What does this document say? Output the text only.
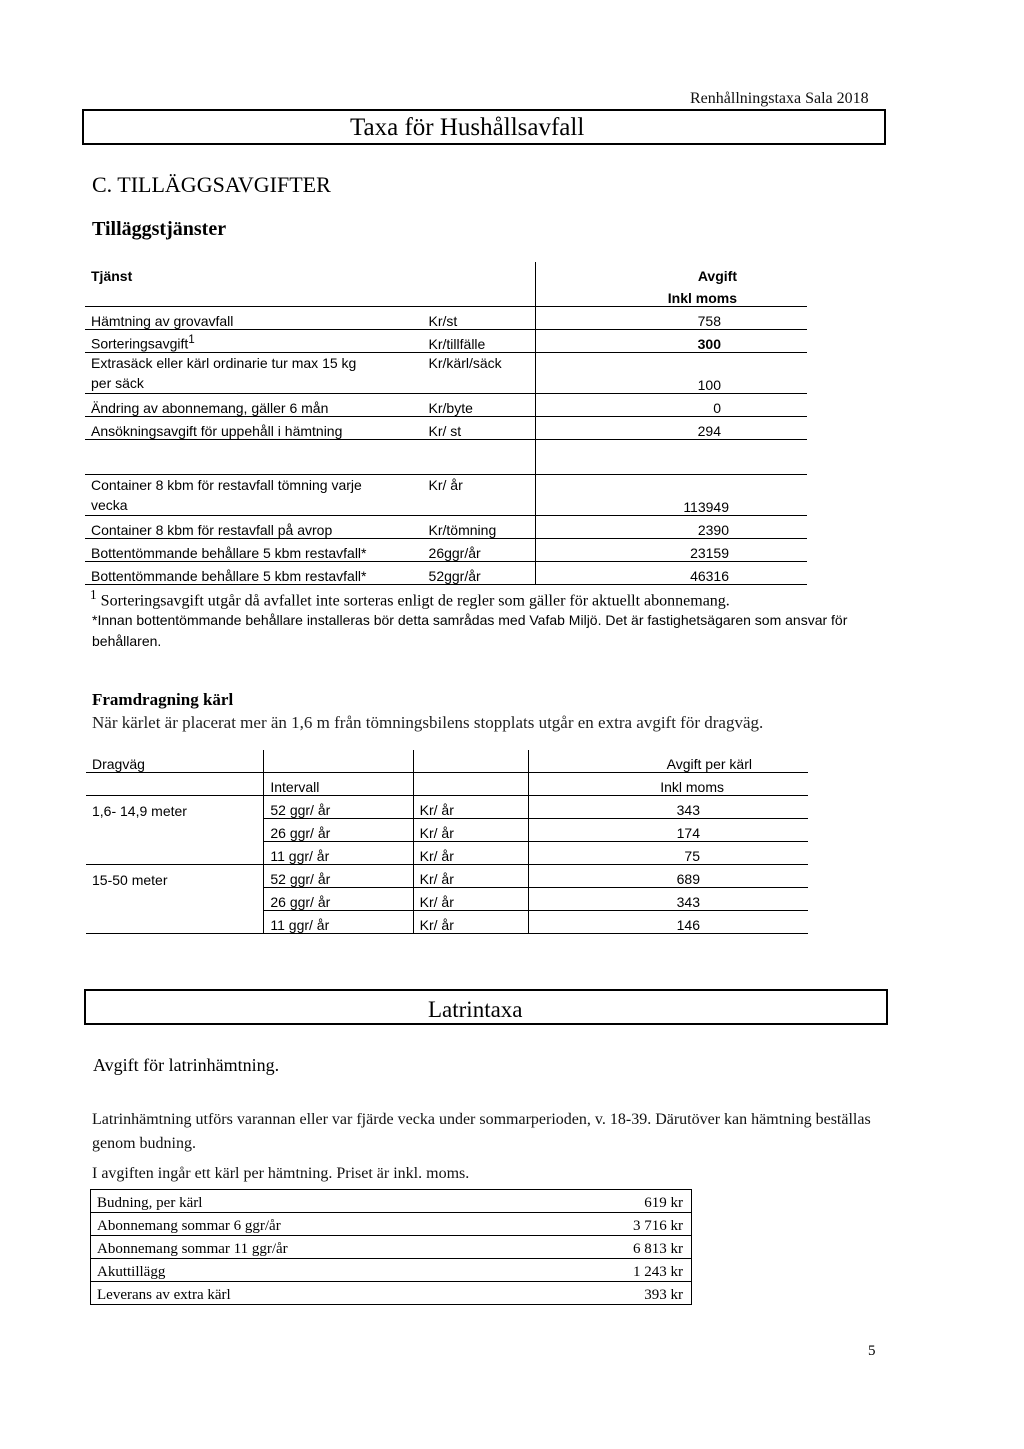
Renhållningstaxa Sala 2018
Taxa för Hushållsavfall
C. TILLÄGGSAVGIFTER
Tilläggstjänster
Tjänst		Avgift
		Inkl moms
Hämtning av grovavfall	Kr/st	758
Sorteringsavgift$^1$	Kr/tillfälle	300
Extrasäck eller kärl ordinarie tur max 15 kg
per säck	Kr/kärl/säck	100
Ändring av abonnemang, gäller 6 mån	Kr/byte	0
Ansökningsavgift för uppehåll i hämtning	Kr/ st	294

Container 8 kbm för restavfall tömning varje
vecka	Kr/ år	113949
Container 8 kbm för restavfall på avrop	Kr/tömning	2390
Bottentömmande behållare 5 kbm restavfall*	26ggr/år	23159
Bottentömmande behållare 5 kbm restavfall*	52ggr/år	46316
$^1$ Sorteringsavgift utgår då avfallet inte sorteras enligt de regler som gäller för aktuellt abonnemang.
*Innan bottentömmande behållare installeras bör detta samrådas med Vafab Miljö. Det är fastighetsägaren som ansvar för behållaren.
Framdragning kärl
När kärlet är placerat mer än 1,6 m från tömningsbilens stopplats utgår en extra avgift för dragväg.
Dragväg			Avgift per kärl
	Intervall		Inkl moms
1,6- 14,9 meter	52 ggr/ år	Kr/ år	343
	26 ggr/ år	Kr/ år	174
	11 ggr/ år	Kr/ år	75
15-50 meter	52 ggr/ år	Kr/ år	689
	26 ggr/ år	Kr/ år	343
	11 ggr/ år	Kr/ år	146
Latrintaxa
Avgift för latrinhämtning.
Latrinhämtning utförs varannan eller var fjärde vecka under sommarperioden, v. 18-39. Därutöver kan hämtning beställas genom budning.
I avgiften ingår ett kärl per hämtning. Priset är inkl. moms.
Budning, per kärl	619 kr
Abonnemang sommar 6 ggr/år	3 716 kr
Abonnemang sommar 11 ggr/år	6 813 kr
Akuttillägg	1 243 kr
Leverans av extra kärl	393 kr
5
